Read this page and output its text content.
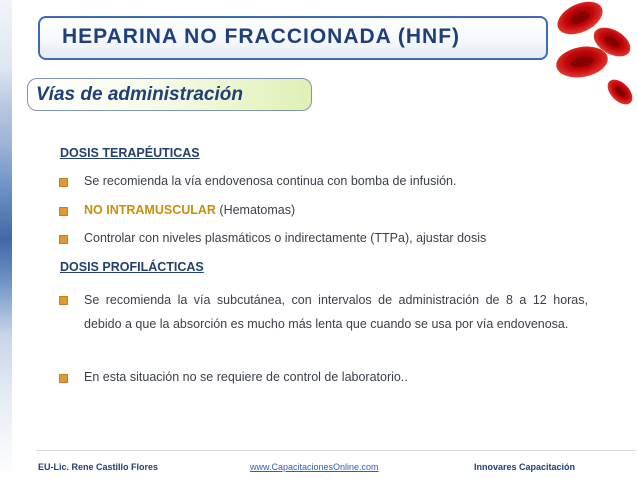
HEPARINA NO FRACCIONADA (HNF)
Vías de administración
DOSIS TERAPÉUTICAS
Se recomienda la vía endovenosa continua con bomba de infusión.
NO INTRAMUSCULAR (Hematomas)
Controlar con niveles plasmáticos o indirectamente (TTPa), ajustar dosis
DOSIS PROFILÁCTICAS
Se recomienda la vía subcutánea, con intervalos de administración de 8 a 12 horas, debido a que la absorción es mucho más lenta que cuando se usa por vía endovenosa.
En esta situación no se requiere de control de laboratorio..
EU-Lic. Rene Castillo Flores	www.CapacitacionesOnline.com	Innovares Capacitación
